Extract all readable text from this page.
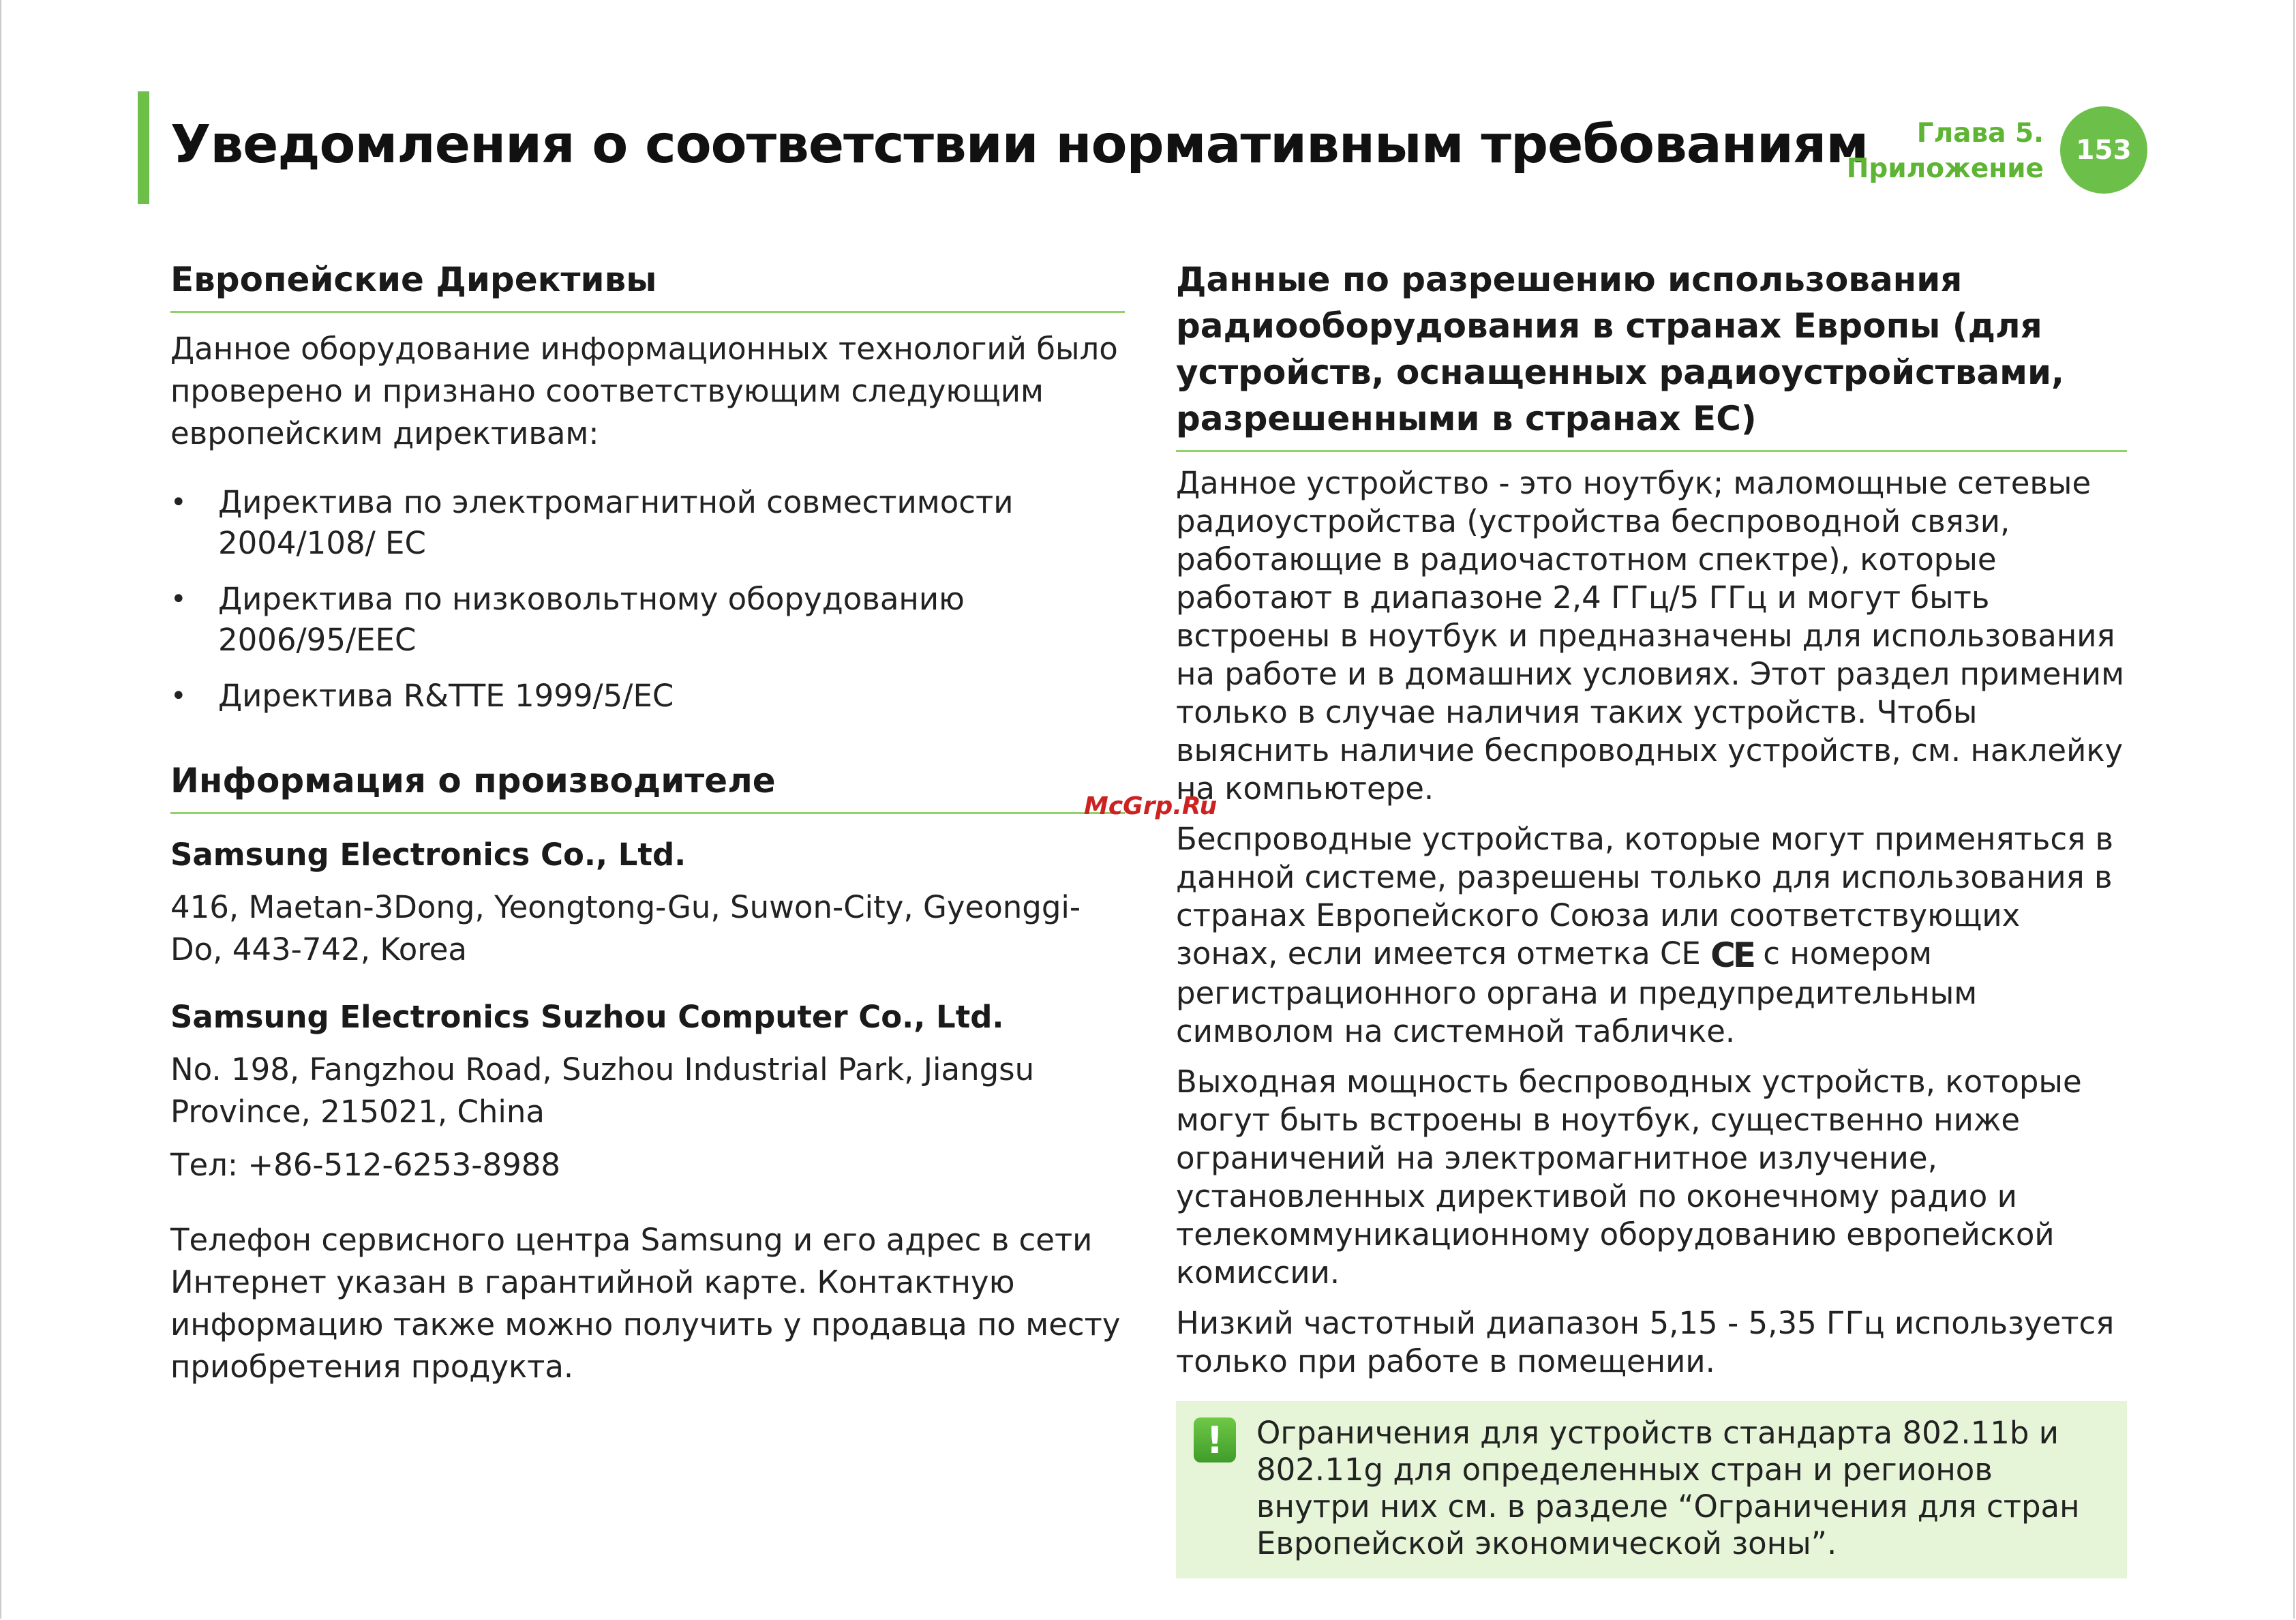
Уведомления о соответствии нормативным требованиям	Глава 5.
Приложение
153
Европейские Директивы

Данное оборудование информационных технологий было проверено и признано соответствующим следующим европейским директивам:

• Директива по электромагнитной совместимости 2004/108/ EC
• Директива по низковольтному оборудованию 2006/95/EEC
• Директива R&TTE 1999/5/EC
Информация о производителе
Samsung Electronics Co., Ltd.
416, Maetan-3Dong, Yeongtong-Gu, Suwon-City, Gyeonggi-Do, 443-742, Korea
Samsung Electronics Suzhou Computer Co., Ltd.
No. 198, Fangzhou Road, Suzhou Industrial Park, Jiangsu Province, 215021, China
Тел: +86-512-6253-8988

Телефон сервисного центра Samsung и его адрес в сети Интернет указан в гарантийной карте. Контактную информацию также можно получить у продавца по месту приобретения продукта.

Данные по разрешению использования радиооборудования в странах Европы (для устройств, оснащенных радиоустройствами, разрешенными в странах ЕС)

Данное устройство - это ноутбук; маломощные сетевые радиоустройства (устройства беспроводной связи, работающие в радиочастотном спектре), которые работают в диапазоне 2,4 ГГц/5 ГГц и могут быть встроены в ноутбук и предназначены для использования на работе и в домашних условиях. Этот раздел применим только в случае наличия таких устройств. Чтобы выяснить наличие беспроводных устройств, см. наклейку на компьютере.

Беспроводные устройства, которые могут применяться в данной системе, разрешены только для использования в странах Европейского Союза или соответствующих зонах, если имеется отметка CE CE с номером регистрационного органа и предупредительным символом на системной табличке.

Выходная мощность беспроводных устройств, которые могут быть встроены в ноутбук, существенно ниже ограничений на электромагнитное излучение, установленных директивой по оконечному радио и телекоммуникационному оборудованию европейской комиссии.

Низкий частотный диапазон 5,15 - 5,35 ГГц используется только при работе в помещении.

!	Ограничения для устройств стандарта 802.11b и 802.11g для определенных стран и регионов внутри них см. в разделе “Ограничения для стран Европейской экономической зоны”.
McGrp.Ru
